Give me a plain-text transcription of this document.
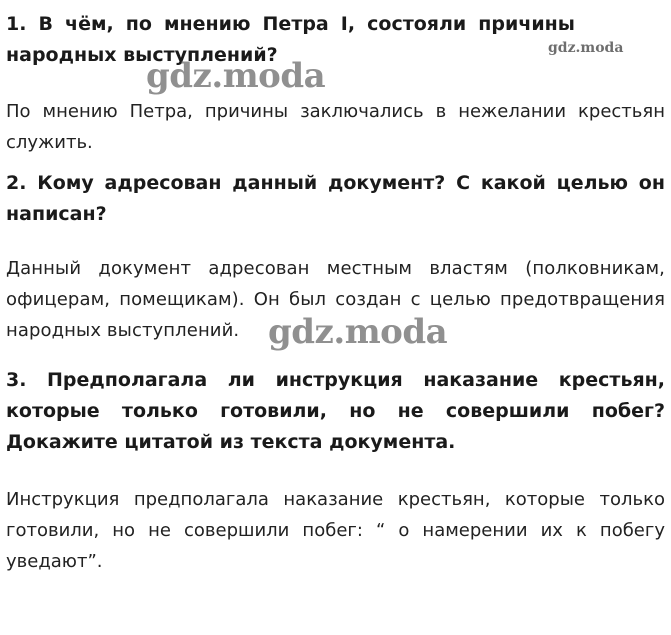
1. В чём, по мнению Петра I, состояли причины народных выступлений?

По мнению Петра, причины заключались в нежелании крестьян служить.

2. Кому адресован данный документ? С какой целью он написан?

Данный документ адресован местным властям (полковникам, офицерам, помещикам). Он был создан с целью предотвращения народных выступлений.

3. Предполагала ли инструкция наказание крестьян, которые только готовили, но не совершили побег? Докажите цитатой из текста документа.

Инструкция предполагала наказание крестьян, которые только готовили, но не совершили побег: “ о намерении их к побегу уведают”.

gdz.moda
gdz.moda
gdz.moda
